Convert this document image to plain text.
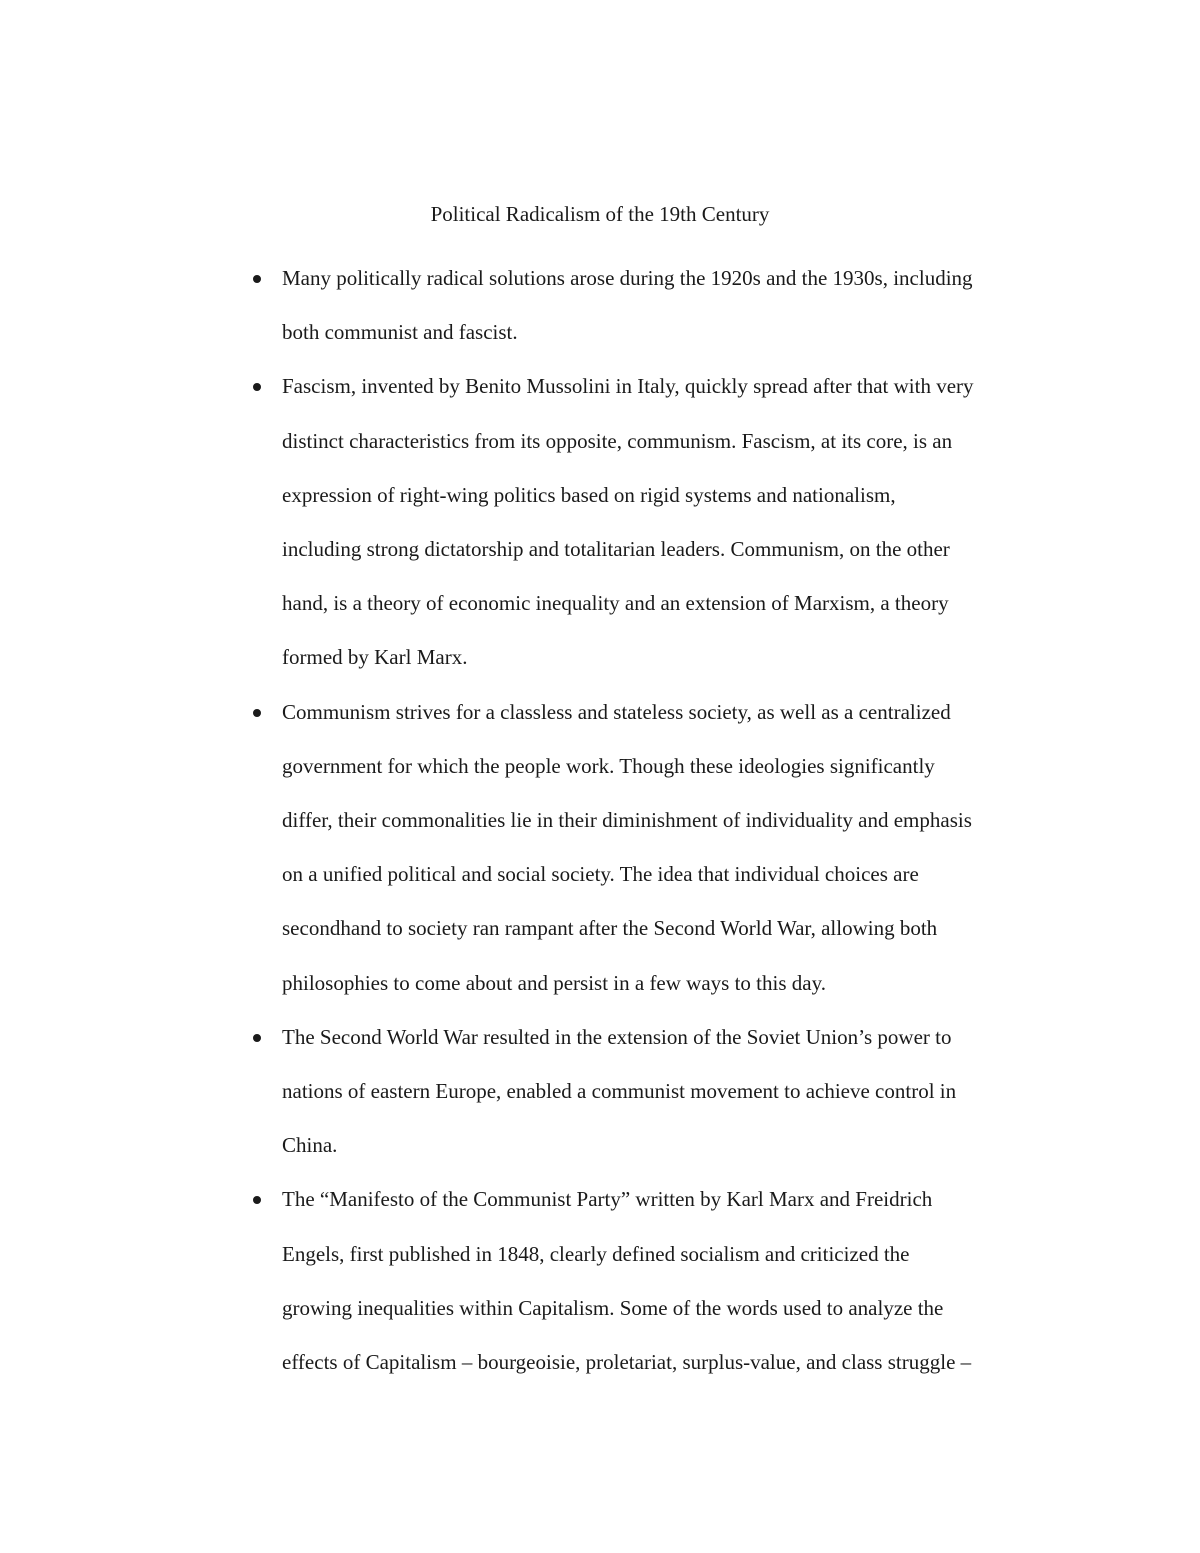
Political Radicalism of the 19th Century
Many politically radical solutions arose during the 1920s and the 1930s, including
both communist and fascist.
Fascism, invented by Benito Mussolini in Italy, quickly spread after that with very
distinct characteristics from its opposite, communism. Fascism, at its core, is an
expression of right-wing politics based on rigid systems and nationalism,
including strong dictatorship and totalitarian leaders. Communism, on the other
hand, is a theory of economic inequality and an extension of Marxism, a theory
formed by Karl Marx.
Communism strives for a classless and stateless society, as well as a centralized
government for which the people work. Though these ideologies significantly
differ, their commonalities lie in their diminishment of individuality and emphasis
on a unified political and social society. The idea that individual choices are
secondhand to society ran rampant after the Second World War, allowing both
philosophies to come about and persist in a few ways to this day.
The Second World War resulted in the extension of the Soviet Union’s power to
nations of eastern Europe, enabled a communist movement to achieve control in
China.
The “Manifesto of the Communist Party” written by Karl Marx and Freidrich
Engels, first published in 1848, clearly defined socialism and criticized the
growing inequalities within Capitalism. Some of the words used to analyze the
effects of Capitalism – bourgeoisie, proletariat, surplus-value, and class struggle –
